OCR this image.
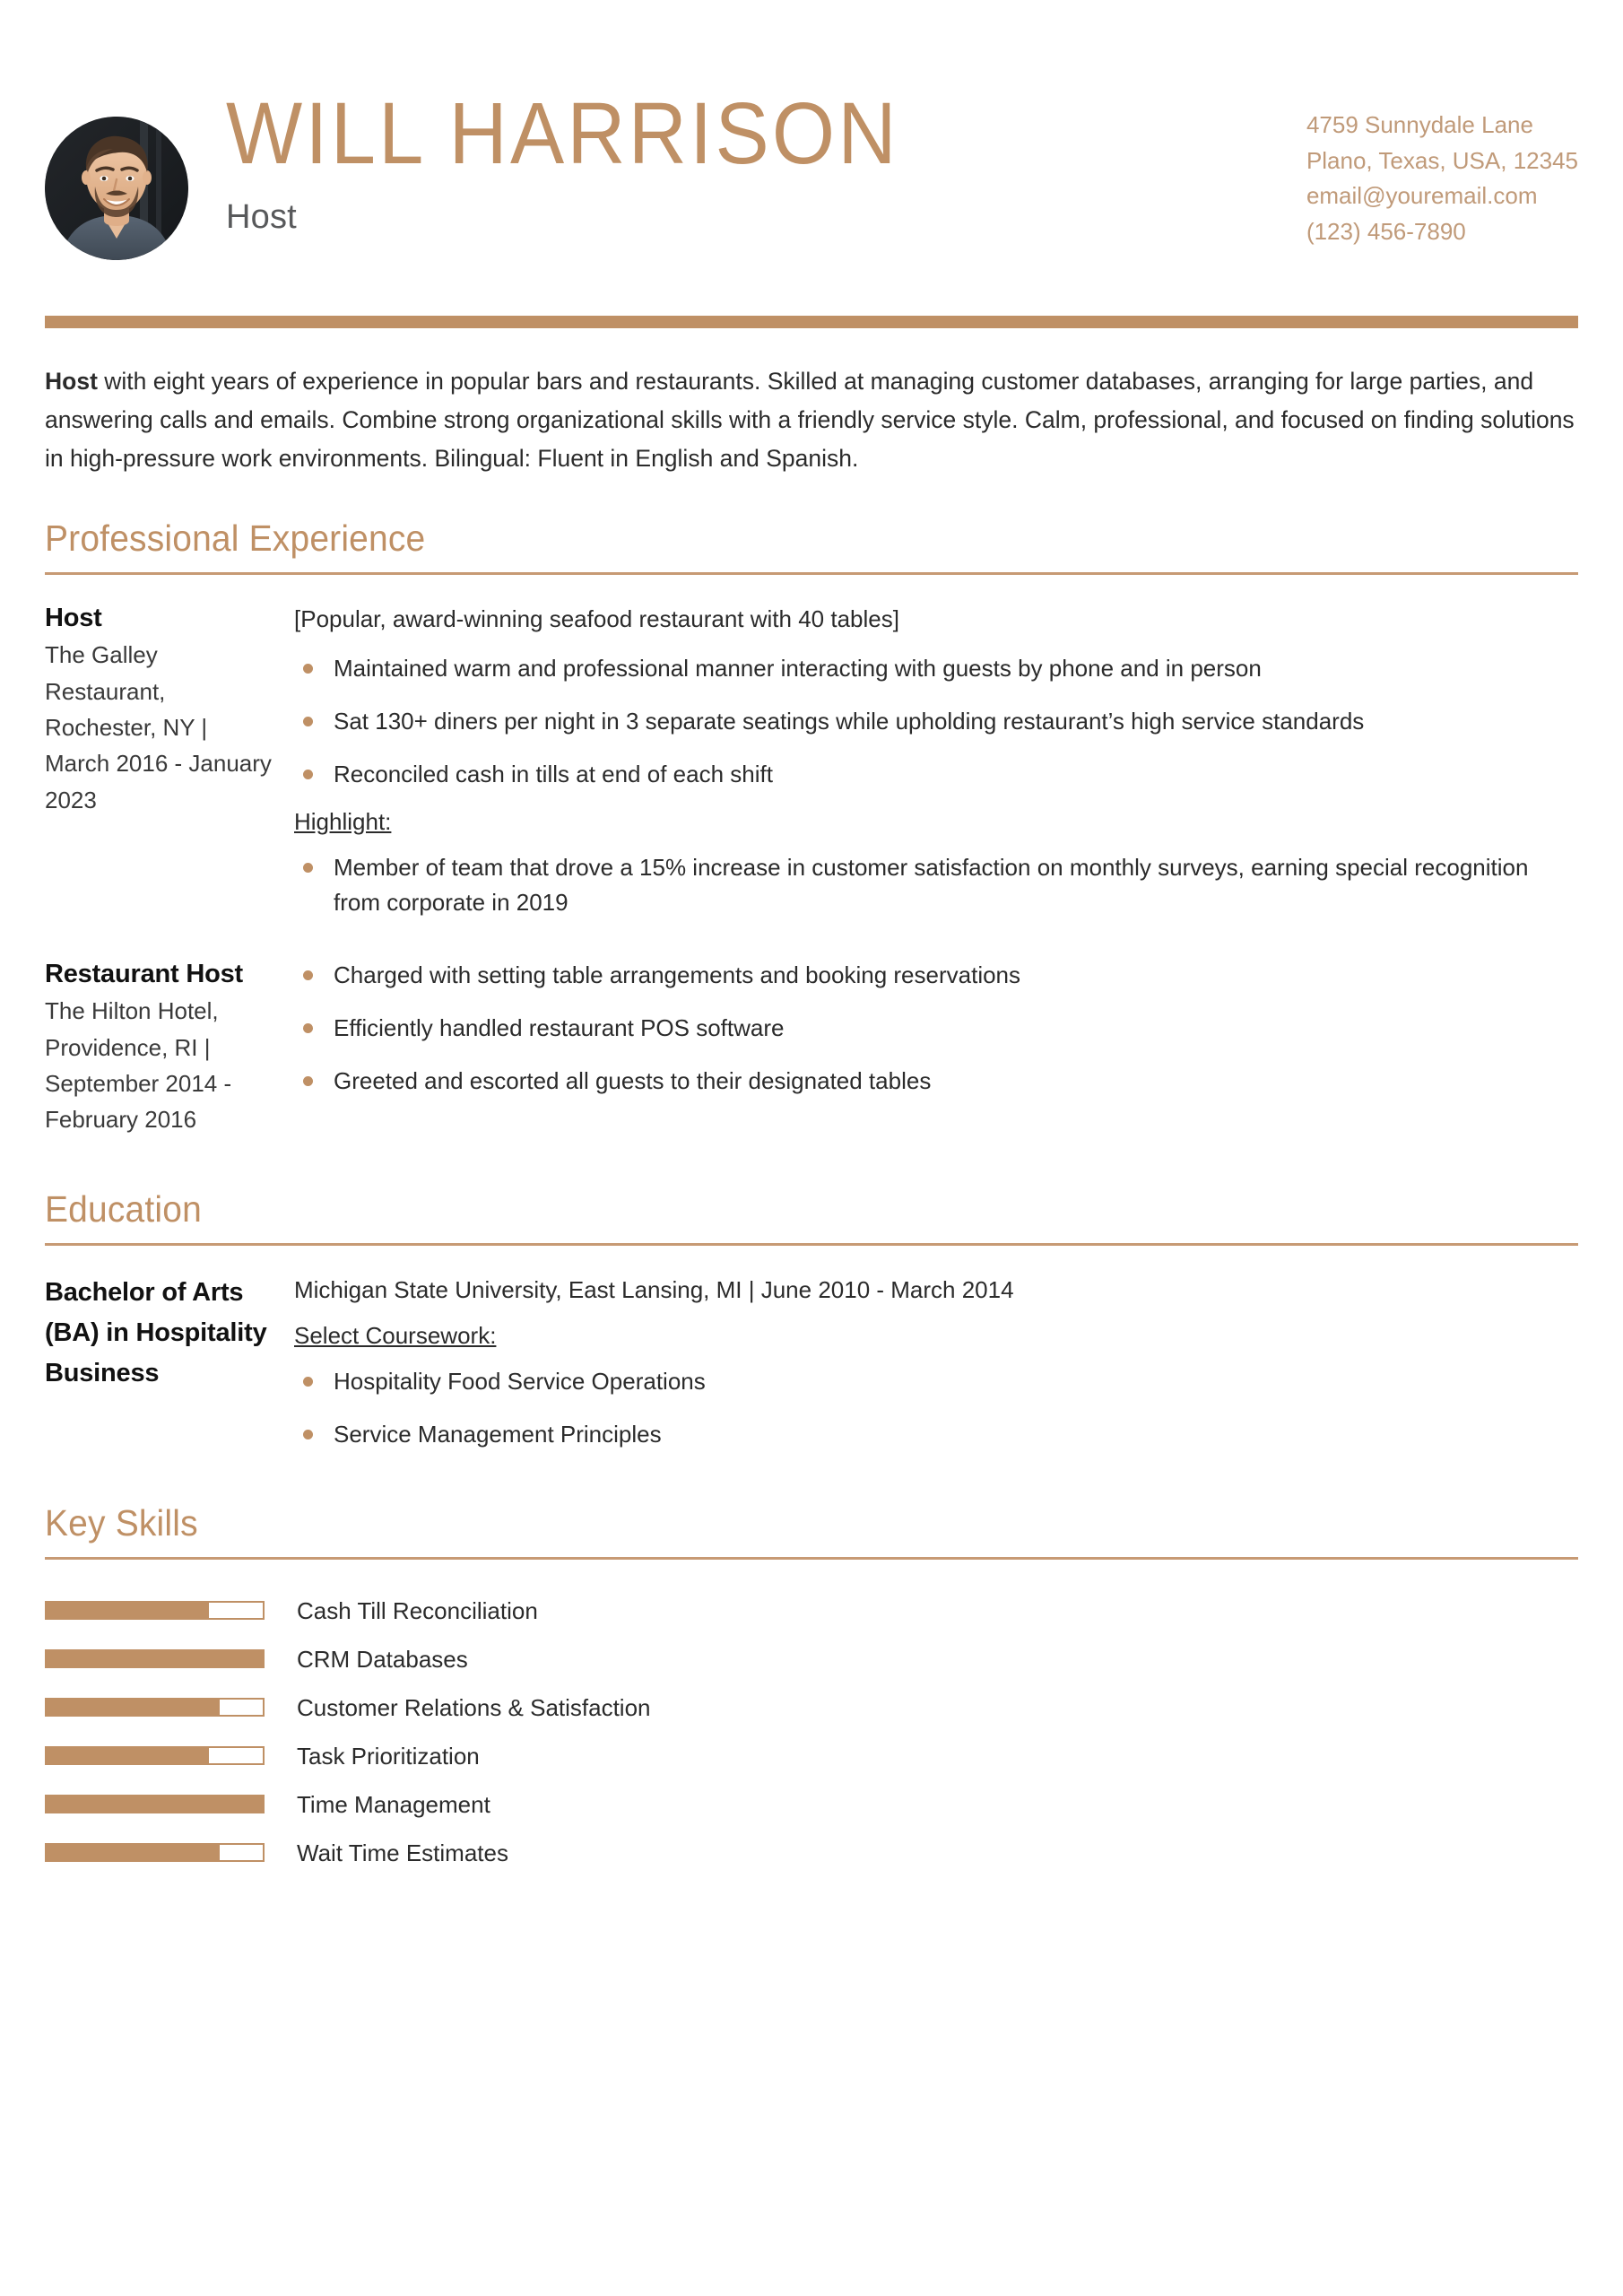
WILL HARRISON
Host
4759 Sunnydale Lane
Plano, Texas, USA, 12345
email@youremail.com
(123) 456-7890
Host with eight years of experience in popular bars and restaurants. Skilled at managing customer databases, arranging for large parties, and answering calls and emails. Combine strong organizational skills with a friendly service style. Calm, professional, and focused on finding solutions in high-pressure work environments. Bilingual: Fluent in English and Spanish.
Professional Experience
Host
The Galley Restaurant, Rochester, NY | March 2016 - January 2023
[Popular, award-winning seafood restaurant with 40 tables]
Maintained warm and professional manner interacting with guests by phone and in person
Sat 130+ diners per night in 3 separate seatings while upholding restaurant’s high service standards
Reconciled cash in tills at end of each shift
Highlight:
Member of team that drove a 15% increase in customer satisfaction on monthly surveys, earning special recognition from corporate in 2019
Restaurant Host
The Hilton Hotel, Providence, RI | September 2014 - February 2016
Charged with setting table arrangements and booking reservations
Efficiently handled restaurant POS software
Greeted and escorted all guests to their designated tables
Education
Bachelor of Arts (BA) in Hospitality Business
Michigan State University, East Lansing, MI | June 2010 - March 2014
Select Coursework:
Hospitality Food Service Operations
Service Management Principles
Key Skills
Cash Till Reconciliation
CRM Databases
Customer Relations & Satisfaction
Task Prioritization
Time Management
Wait Time Estimates
